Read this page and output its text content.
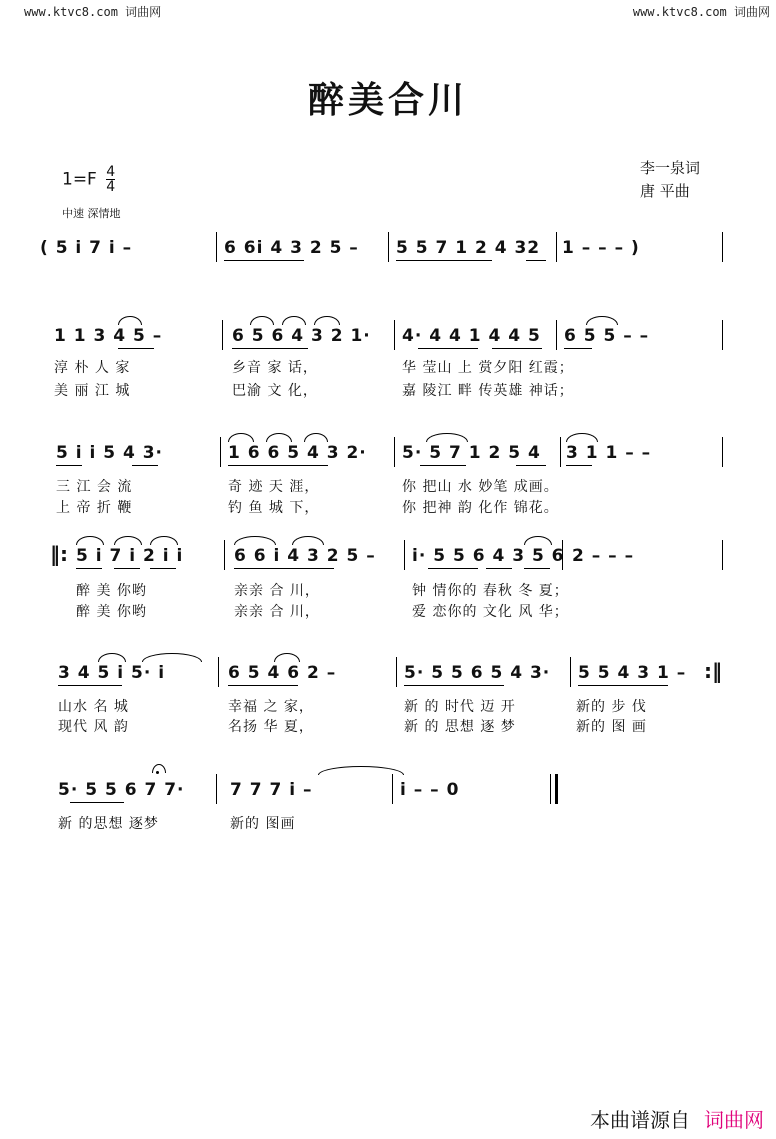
www.ktvc8.com 词曲网	www.ktvc8.com 词曲网
醉美合川
$1=F \frac{4}{4}$	李一泉词
唐 平曲
中速 深情地
( 5 i 7 i –	6 6i 4 3 2 5 – 5 5 7 1 2 4 32 1 – – – )
1 1 3 4 5 –	6 5 6 4 3 2 1· 4· 4 4 1 4 4 5 6 5 5 – –
淳 朴 人 家	乡音 家 话，	华 莹山 上 赏夕阳 红霞；
美 丽 江 城	巴渝 文 化，	嘉 陵江 畔 传英雄 神话；
5 i i 5 4 3·	1 6 6 5 4 3 2· 5· 5 7 1 2 5 4 3 1 1 – –
三 江 会 流	奇 迹 天 涯，	你 把山 水 妙笔 成画。
上 帝 折 鞭	钓 鱼 城 下，	你 把神 韵 化作 锦花。
‖: 5 i 7 i 2 i i	6 6 i 4 3 2 5 – i· 5 5 6 4 3 5 6 2 – – –
醉 美 你哟	亲亲 合 川，	钟 情你的 春秋 冬 夏；
醉 美 你哟	亲亲 合 川，	爱 恋你的 文化 风 华；
3 4 5 i 5· i	6 5 4 6 2 –	5· 5 5 6 5 4 3· 5 5 4 3 1 – :‖
山水 名 城	幸福 之 家，	新 的 时代 迈 开	新的 步 伐
现代 风 韵	名扬 华 夏，	新 的 思想 逐 梦	新的 图 画
5· 5 5 6 7 7·	7 7 7 i –	i – – 0
新 的思想 逐梦	新的 图画
本曲谱源自 词曲网
